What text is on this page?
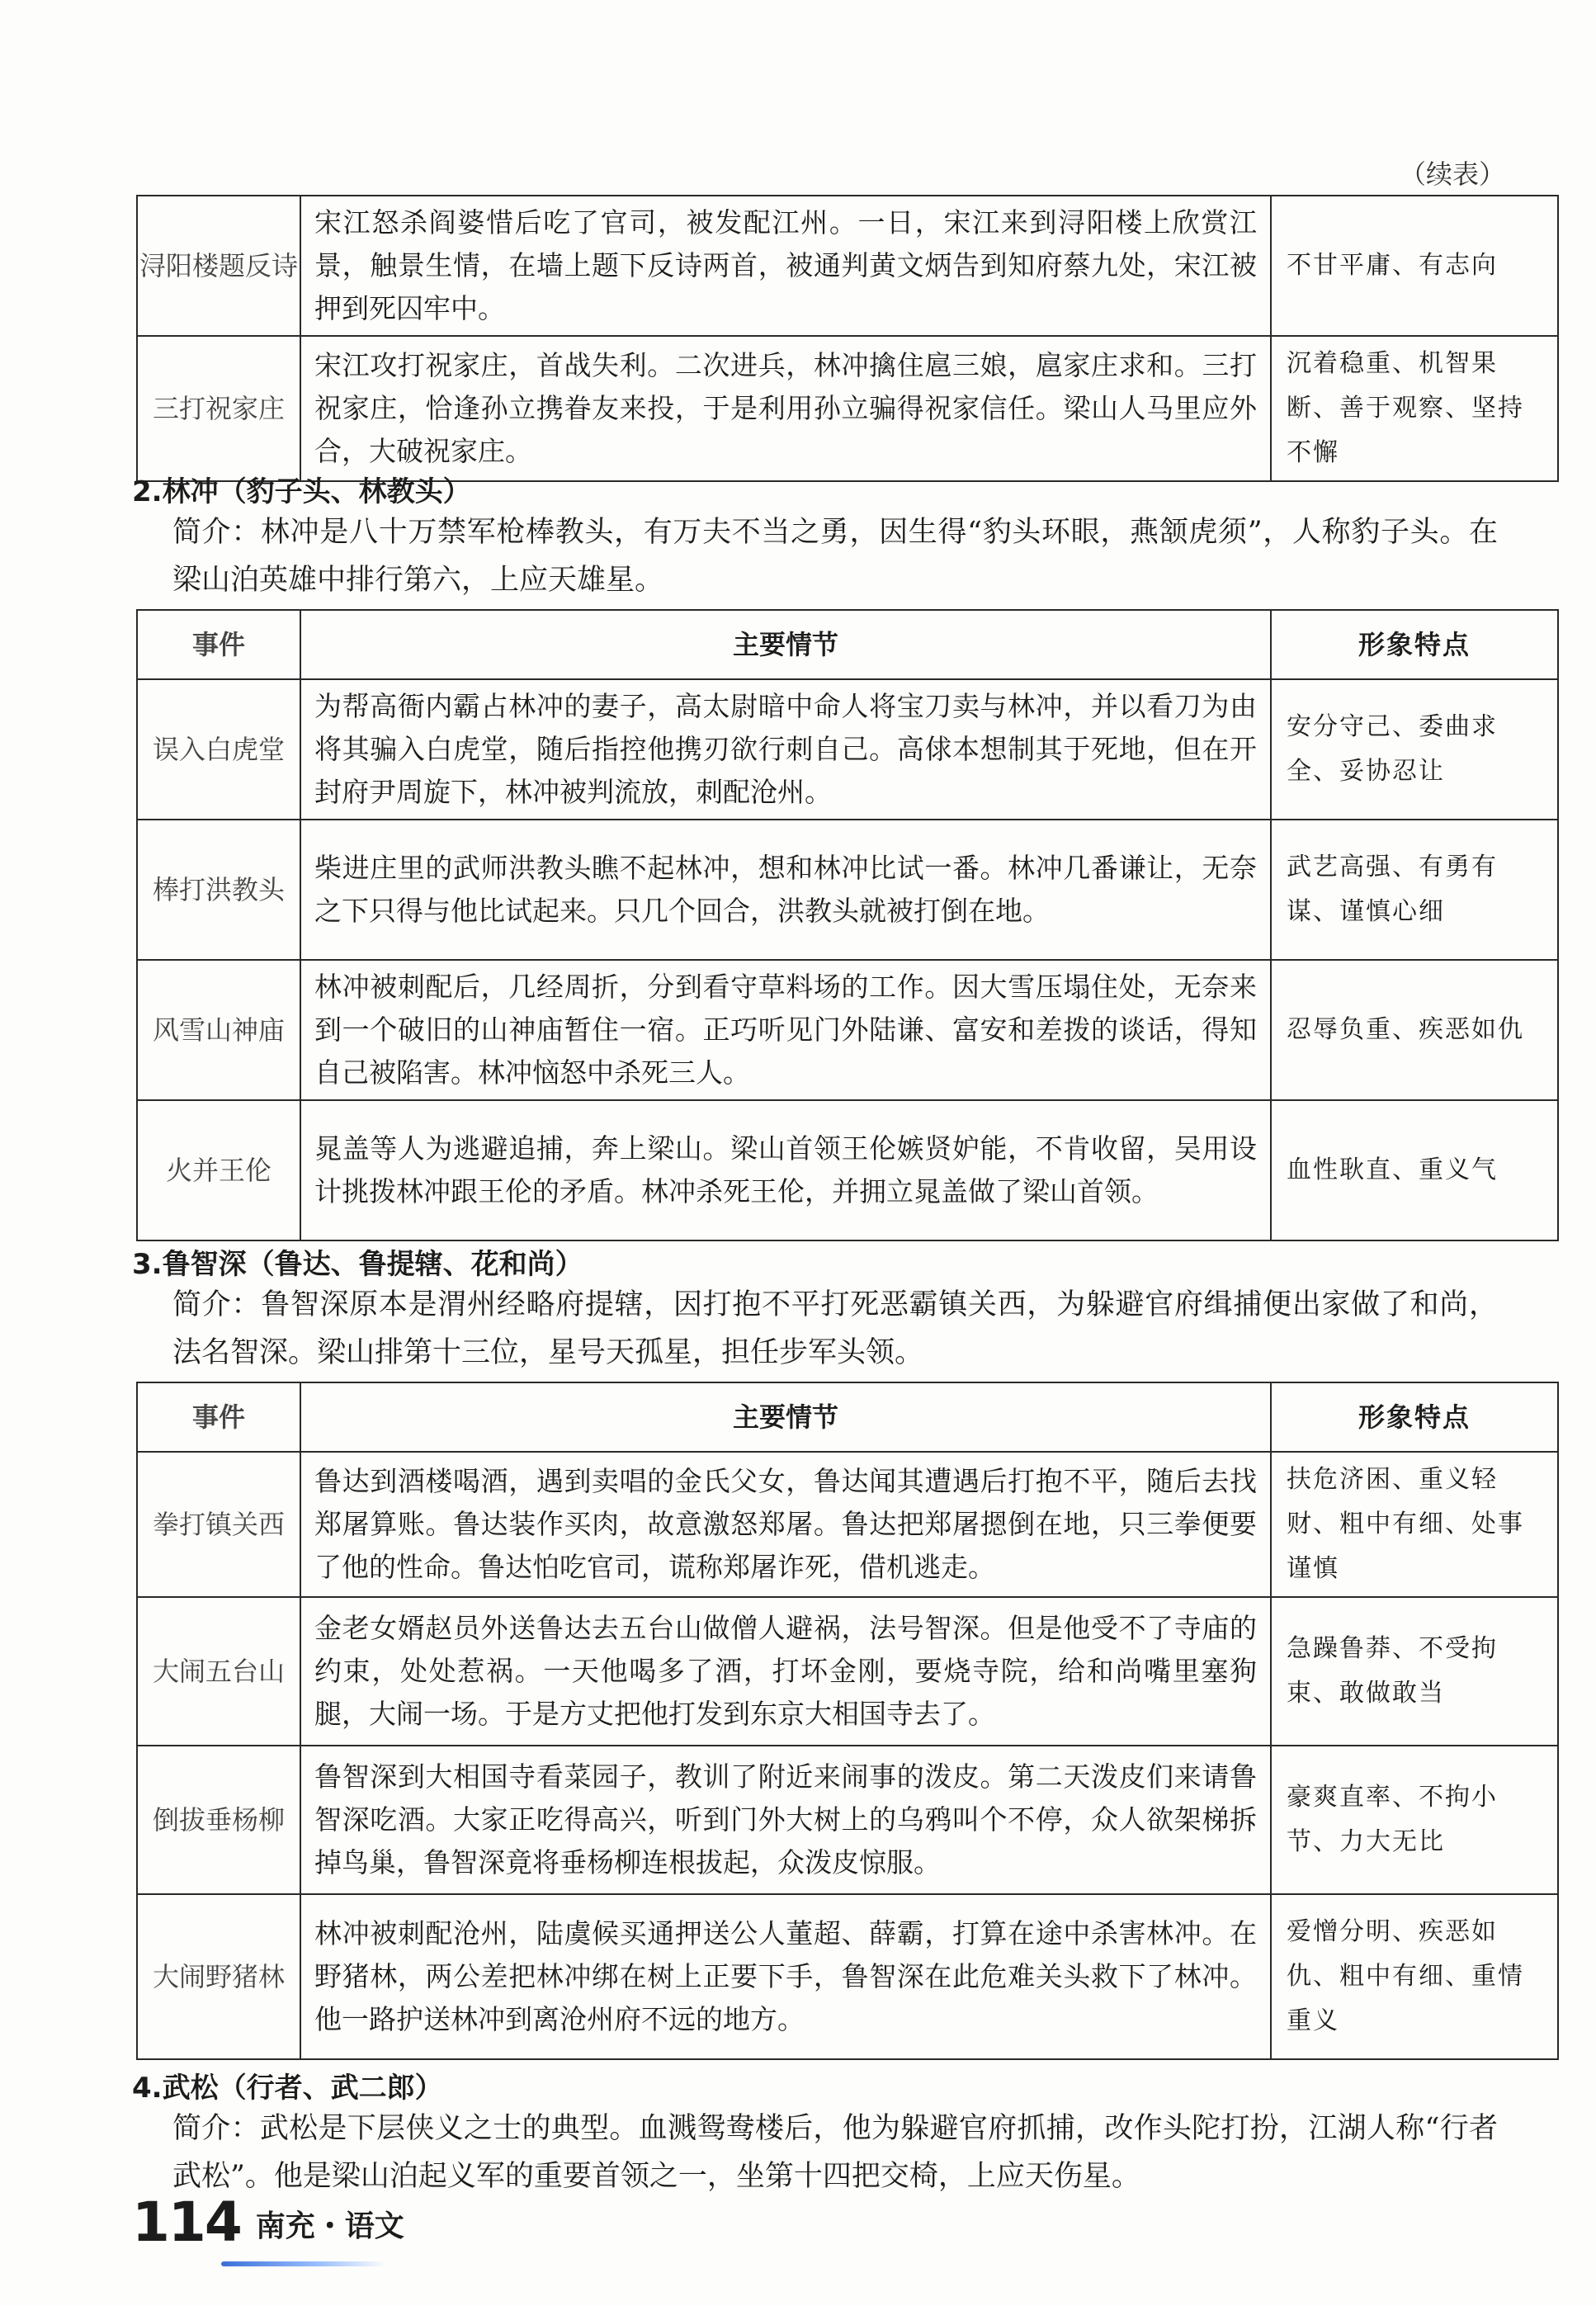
（续表）
浔阳楼题反诗	宋江怒杀阎婆惜后吃了官司，被发配江州。一日，宋江来到浔阳楼上欣赏江景，触景生情，在墙上题下反诗两首，被通判黄文炳告到知府蔡九处，宋江被押到死囚牢中。	不甘平庸、有志向
三打祝家庄	宋江攻打祝家庄，首战失利。二次进兵，林冲擒住扈三娘，扈家庄求和。三打祝家庄，恰逢孙立携眷友来投，于是利用孙立骗得祝家信任。梁山人马里应外合，大破祝家庄。	沉着稳重、机智果断、善于观察、坚持不懈
2.林冲（豹子头、林教头）
简介：林冲是八十万禁军枪棒教头，有万夫不当之勇，因生得“豹头环眼，燕颔虎须”，人称豹子头。在梁山泊英雄中排行第六，上应天雄星。
事件	主要情节	形象特点
误入白虎堂	为帮高衙内霸占林冲的妻子，高太尉暗中命人将宝刀卖与林冲，并以看刀为由将其骗入白虎堂，随后指控他携刃欲行刺自己。高俅本想制其于死地，但在开封府尹周旋下，林冲被判流放，刺配沧州。	安分守己、委曲求全、妥协忍让
棒打洪教头	柴进庄里的武师洪教头瞧不起林冲，想和林冲比试一番。林冲几番谦让，无奈之下只得与他比试起来。只几个回合，洪教头就被打倒在地。	武艺高强、有勇有谋、谨慎心细
风雪山神庙	林冲被刺配后，几经周折，分到看守草料场的工作。因大雪压塌住处，无奈来到一个破旧的山神庙暂住一宿。正巧听见门外陆谦、富安和差拨的谈话，得知自己被陷害。林冲恼怒中杀死三人。	忍辱负重、疾恶如仇
火并王伦	晁盖等人为逃避追捕，奔上梁山。梁山首领王伦嫉贤妒能，不肯收留，吴用设计挑拨林冲跟王伦的矛盾。林冲杀死王伦，并拥立晁盖做了梁山首领。	血性耿直、重义气
3.鲁智深（鲁达、鲁提辖、花和尚）
简介：鲁智深原本是渭州经略府提辖，因打抱不平打死恶霸镇关西，为躲避官府缉捕便出家做了和尚，法名智深。梁山排第十三位，星号天孤星，担任步军头领。
事件	主要情节	形象特点
拳打镇关西	鲁达到酒楼喝酒，遇到卖唱的金氏父女，鲁达闻其遭遇后打抱不平，随后去找郑屠算账。鲁达装作买肉，故意激怒郑屠。鲁达把郑屠摁倒在地，只三拳便要了他的性命。鲁达怕吃官司，谎称郑屠诈死，借机逃走。	扶危济困、重义轻财、粗中有细、处事谨慎
大闹五台山	金老女婿赵员外送鲁达去五台山做僧人避祸，法号智深。但是他受不了寺庙的约束，处处惹祸。一天他喝多了酒，打坏金刚，要烧寺院，给和尚嘴里塞狗腿，大闹一场。于是方丈把他打发到东京大相国寺去了。	急躁鲁莽、不受拘束、敢做敢当
倒拔垂杨柳	鲁智深到大相国寺看菜园子，教训了附近来闹事的泼皮。第二天泼皮们来请鲁智深吃酒。大家正吃得高兴，听到门外大树上的乌鸦叫个不停，众人欲架梯拆掉鸟巢，鲁智深竟将垂杨柳连根拔起，众泼皮惊服。	豪爽直率、不拘小节、力大无比
大闹野猪林	林冲被刺配沧州，陆虞候买通押送公人董超、薛霸，打算在途中杀害林冲。在野猪林，两公差把林冲绑在树上正要下手，鲁智深在此危难关头救下了林冲。他一路护送林冲到离沧州府不远的地方。	爱憎分明、疾恶如仇、粗中有细、重情重义
4.武松（行者、武二郎）
简介：武松是下层侠义之士的典型。血溅鸳鸯楼后，他为躲避官府抓捕，改作头陀打扮，江湖人称“行者武松”。他是梁山泊起义军的重要首领之一，坐第十四把交椅，上应天伤星。
114 南充・语文
